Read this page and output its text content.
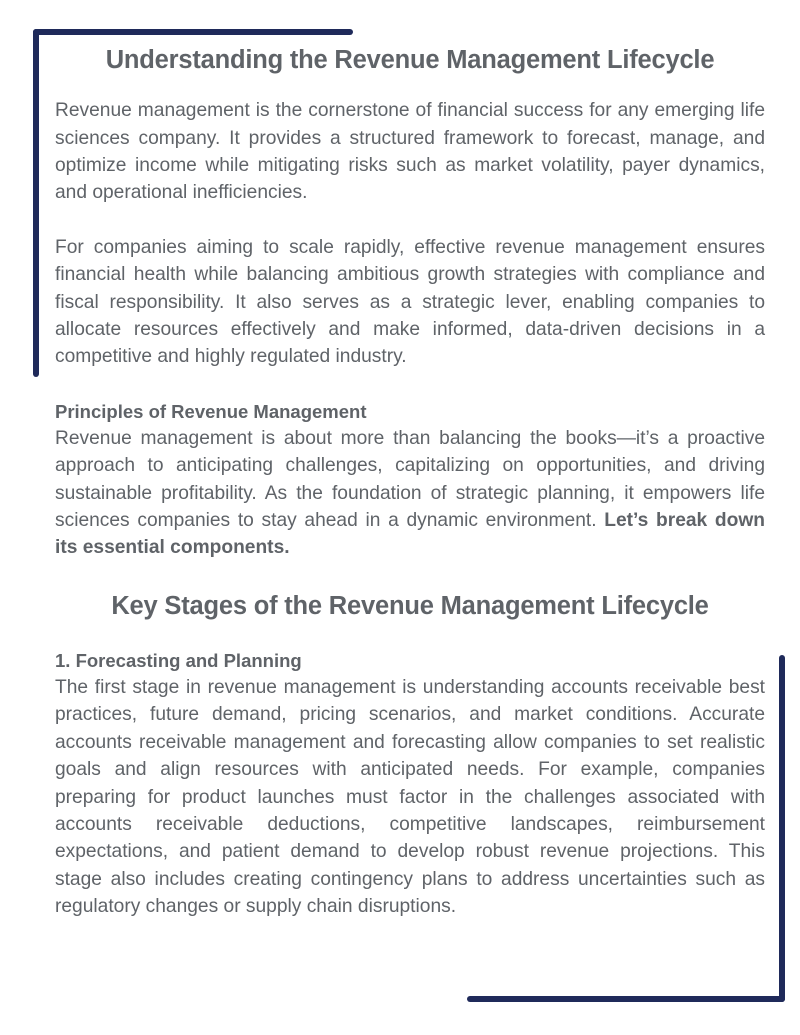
Understanding the Revenue Management Lifecycle

Revenue management is the cornerstone of financial success for any emerging life sciences company. It provides a structured framework to forecast, manage, and optimize income while mitigating risks such as market volatility, payer dynamics, and operational inefficiencies.

For companies aiming to scale rapidly, effective revenue management ensures financial health while balancing ambitious growth strategies with compliance and fiscal responsibility. It also serves as a strategic lever, enabling companies to allocate resources effectively and make informed, data-driven decisions in a competitive and highly regulated industry.

Principles of Revenue Management

Revenue management is about more than balancing the books—it’s a proactive approach to anticipating challenges, capitalizing on opportunities, and driving sustainable profitability. As the foundation of strategic planning, it empowers life sciences companies to stay ahead in a dynamic environment. Let’s break down its essential components.

Key Stages of the Revenue Management Lifecycle
1. Forecasting and Planning

The first stage in revenue management is understanding accounts receivable best practices, future demand, pricing scenarios, and market conditions. Accurate accounts receivable management and forecasting allow companies to set realistic goals and align resources with anticipated needs. For example, companies preparing for product launches must factor in the challenges associated with accounts receivable deductions, competitive landscapes, reimbursement expectations, and patient demand to develop robust revenue projections. This stage also includes creating contingency plans to address uncertainties such as regulatory changes or supply chain disruptions.
